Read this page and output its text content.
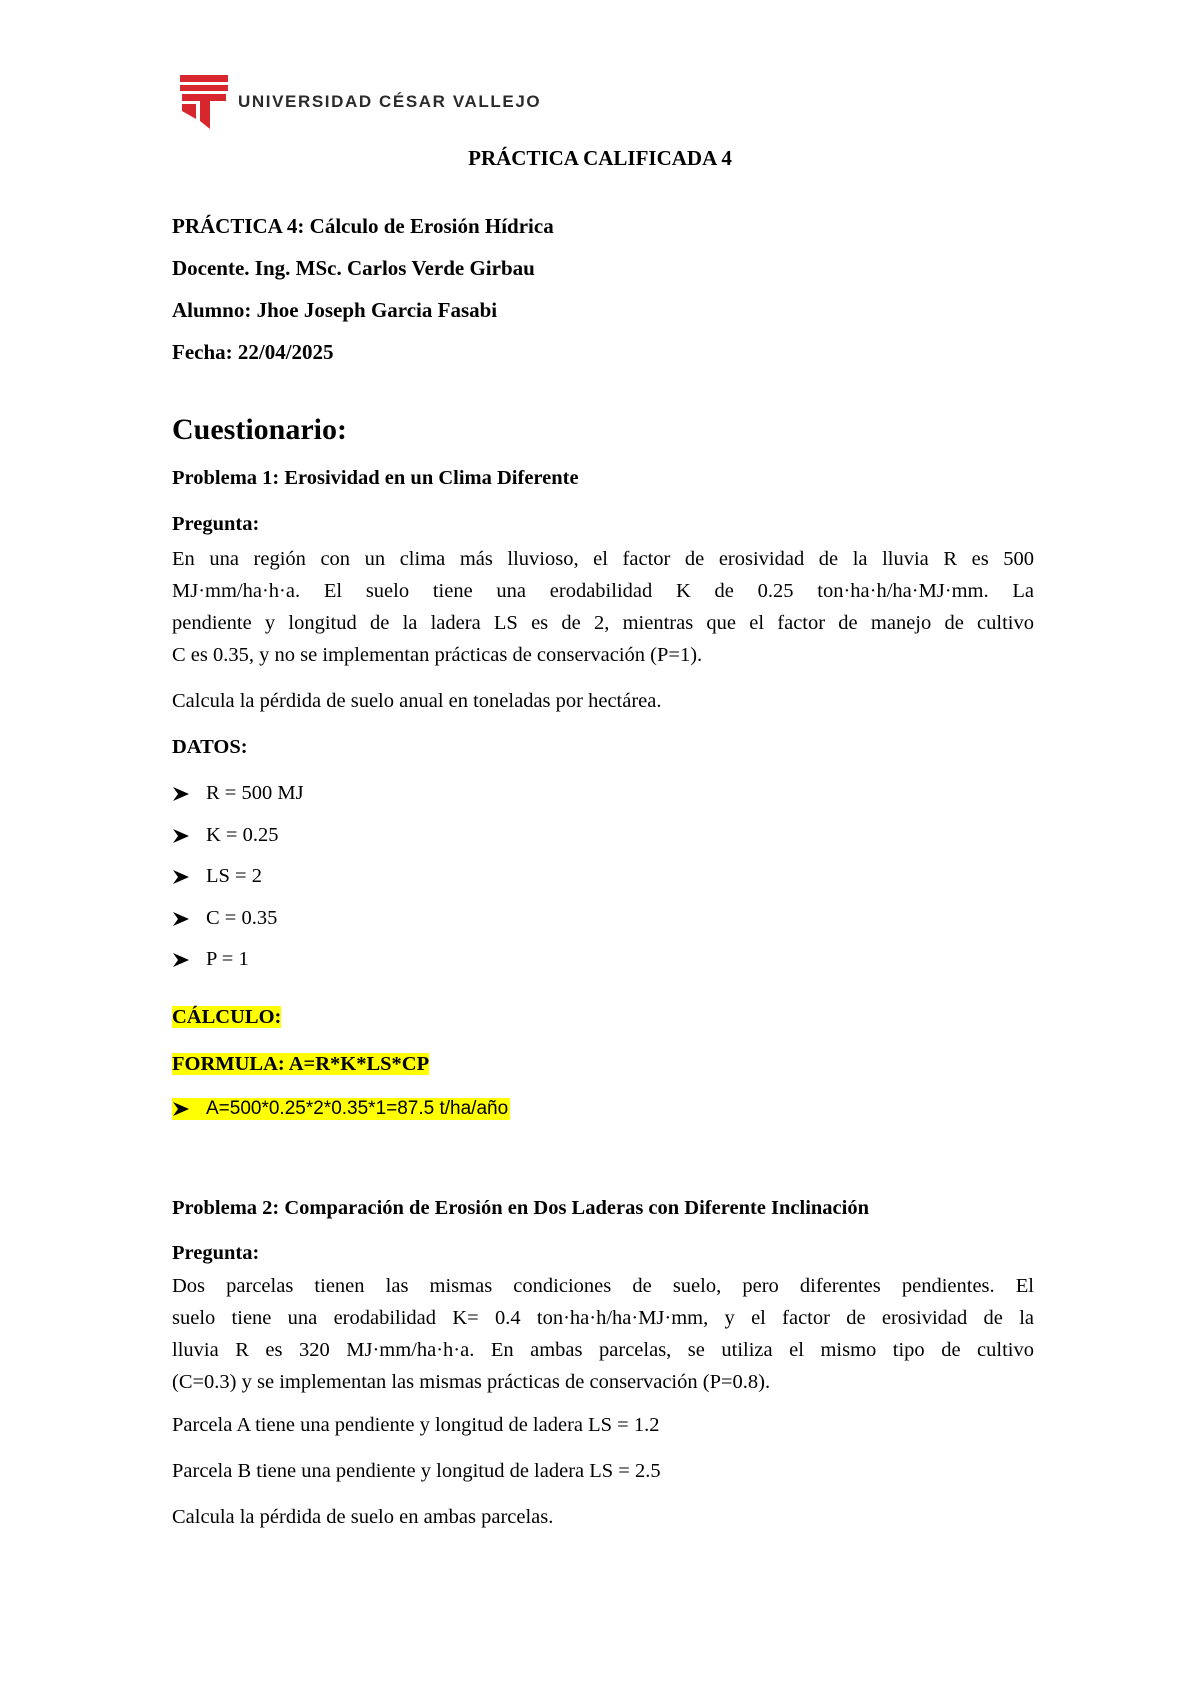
UNIVERSIDAD CÉSAR VALLEJO
PRÁCTICA CALIFICADA 4
PRÁCTICA 4: Cálculo de Erosión Hídrica
Docente. Ing. MSc. Carlos Verde Girbau
Alumno: Jhoe Joseph Garcia Fasabi
Fecha: 22/04/2025
Cuestionario:
Problema 1: Erosividad en un Clima Diferente
Pregunta:
En una región con un clima más lluvioso, el factor de erosividad de la lluvia R es 500
MJ·mm/ha·h·a. El suelo tiene una erodabilidad K de 0.25 ton·ha·h/ha·MJ·mm. La
pendiente y longitud de la ladera LS es de 2, mientras que el factor de manejo de cultivo
C es 0.35, y no se implementan prácticas de conservación (P=1).
Calcula la pérdida de suelo anual en toneladas por hectárea.
DATOS:
R = 500 MJ
K = 0.25
LS = 2
C = 0.35
P = 1
CÁLCULO:
FORMULA: A=R*K*LS*CP
A=500*0.25*2*0.35*1=87.5 t/ha/año
Problema 2: Comparación de Erosión en Dos Laderas con Diferente Inclinación
Pregunta:
Dos parcelas tienen las mismas condiciones de suelo, pero diferentes pendientes. El
suelo tiene una erodabilidad K= 0.4 ton·ha·h/ha·MJ·mm, y el factor de erosividad de la
lluvia R es 320 MJ·mm/ha·h·a. En ambas parcelas, se utiliza el mismo tipo de cultivo
(C=0.3) y se implementan las mismas prácticas de conservación (P=0.8).
Parcela A tiene una pendiente y longitud de ladera LS = 1.2
Parcela B tiene una pendiente y longitud de ladera LS = 2.5
Calcula la pérdida de suelo en ambas parcelas.
